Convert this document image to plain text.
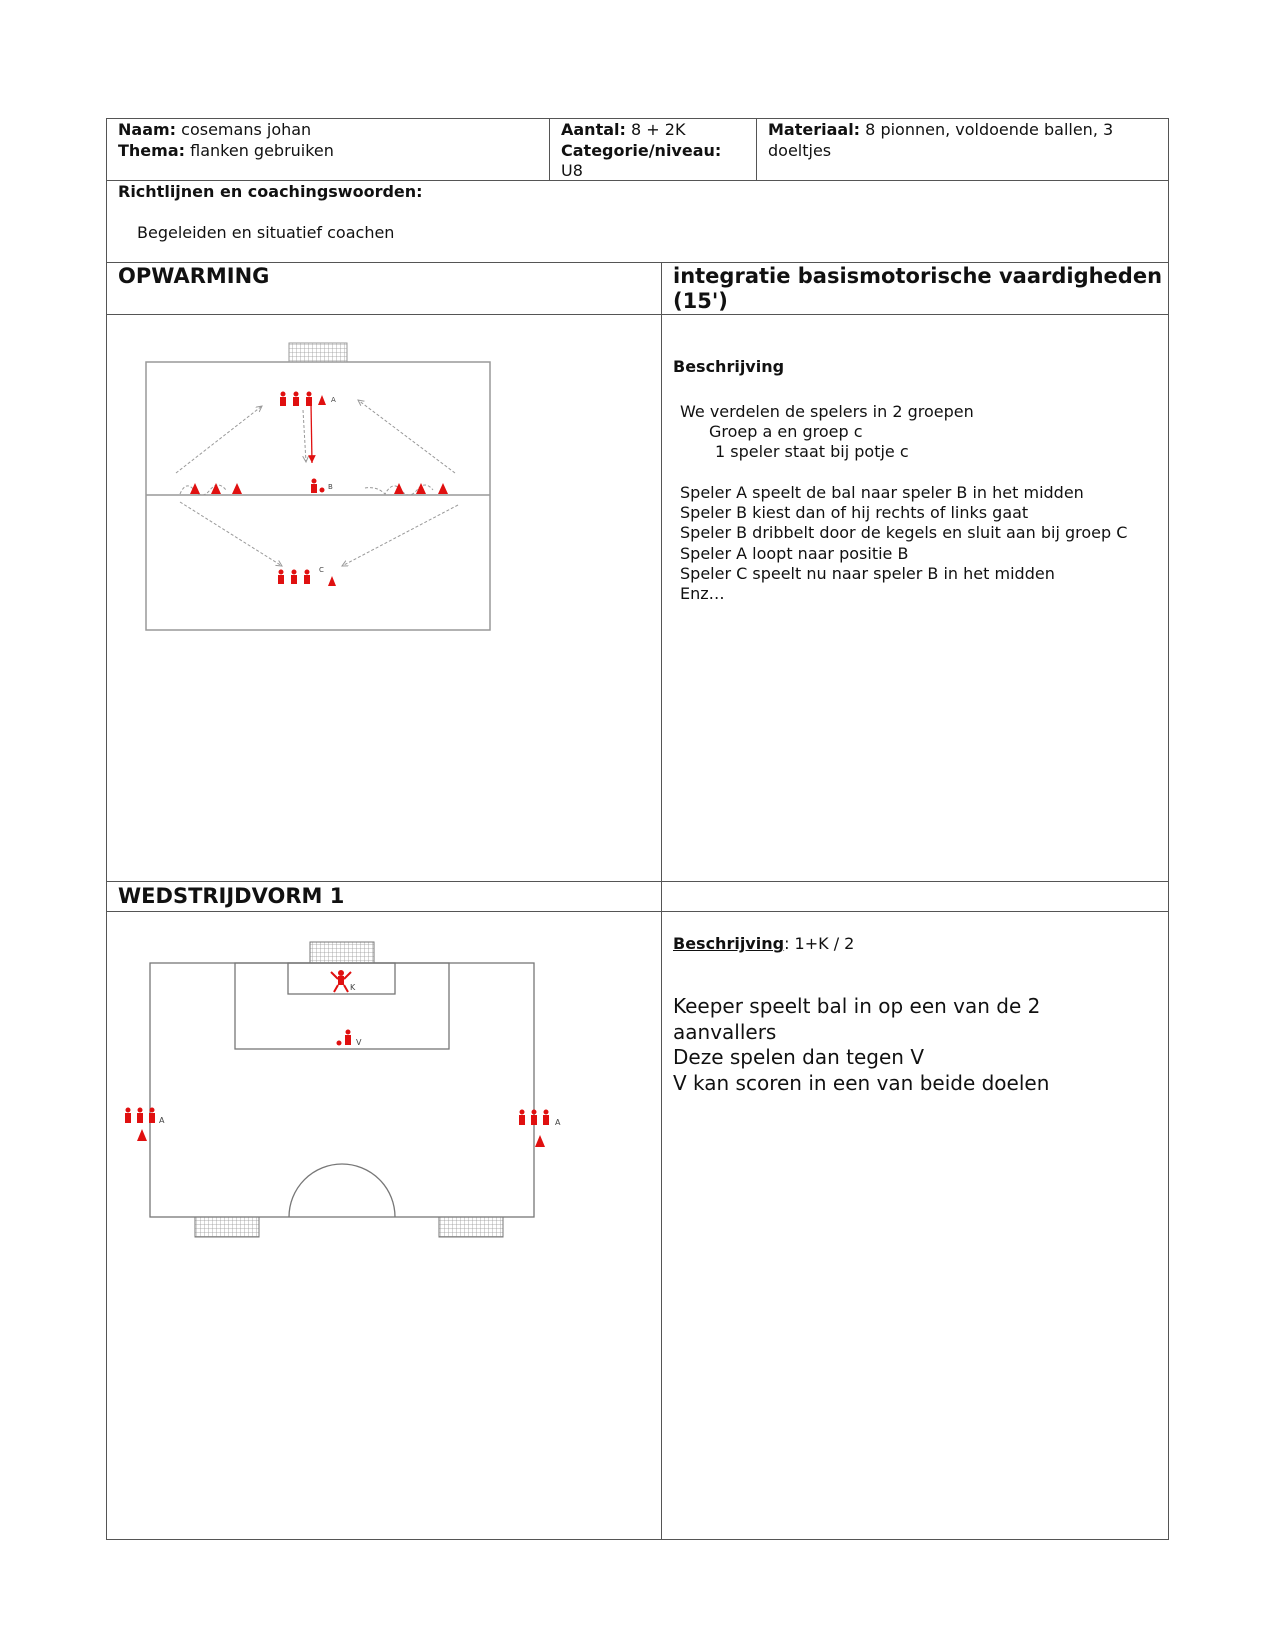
Naam: cosemans johan
Thema: flanken gebruiken
Aantal: 8 + 2K
Categorie/niveau:
U8
Materiaal: 8 pionnen, voldoende ballen, 3
doeltjes
Richtlijnen en coachingswoorden:
Begeleiden en situatief coachen
OPWARMING	integratie basismotorische vaardigheden
(15')
A
B
C
Beschrijving
We verdelen de spelers in 2 groepen
Groep a en groep c
1 speler staat bij potje c
Speler A speelt de bal naar speler B in het midden
Speler B kiest dan of hij rechts of links gaat
Speler B dribbelt door de kegels en sluit aan bij groep C
Speler A loopt naar positie B
Speler C speelt nu naar speler B in het midden
Enz…
WEDSTRIJDVORM 1
K
V
A	A
Beschrijving: 1+K / 2
Keeper speelt bal in op een van de 2
aanvallers
Deze spelen dan tegen V
V kan scoren in een van beide doelen
